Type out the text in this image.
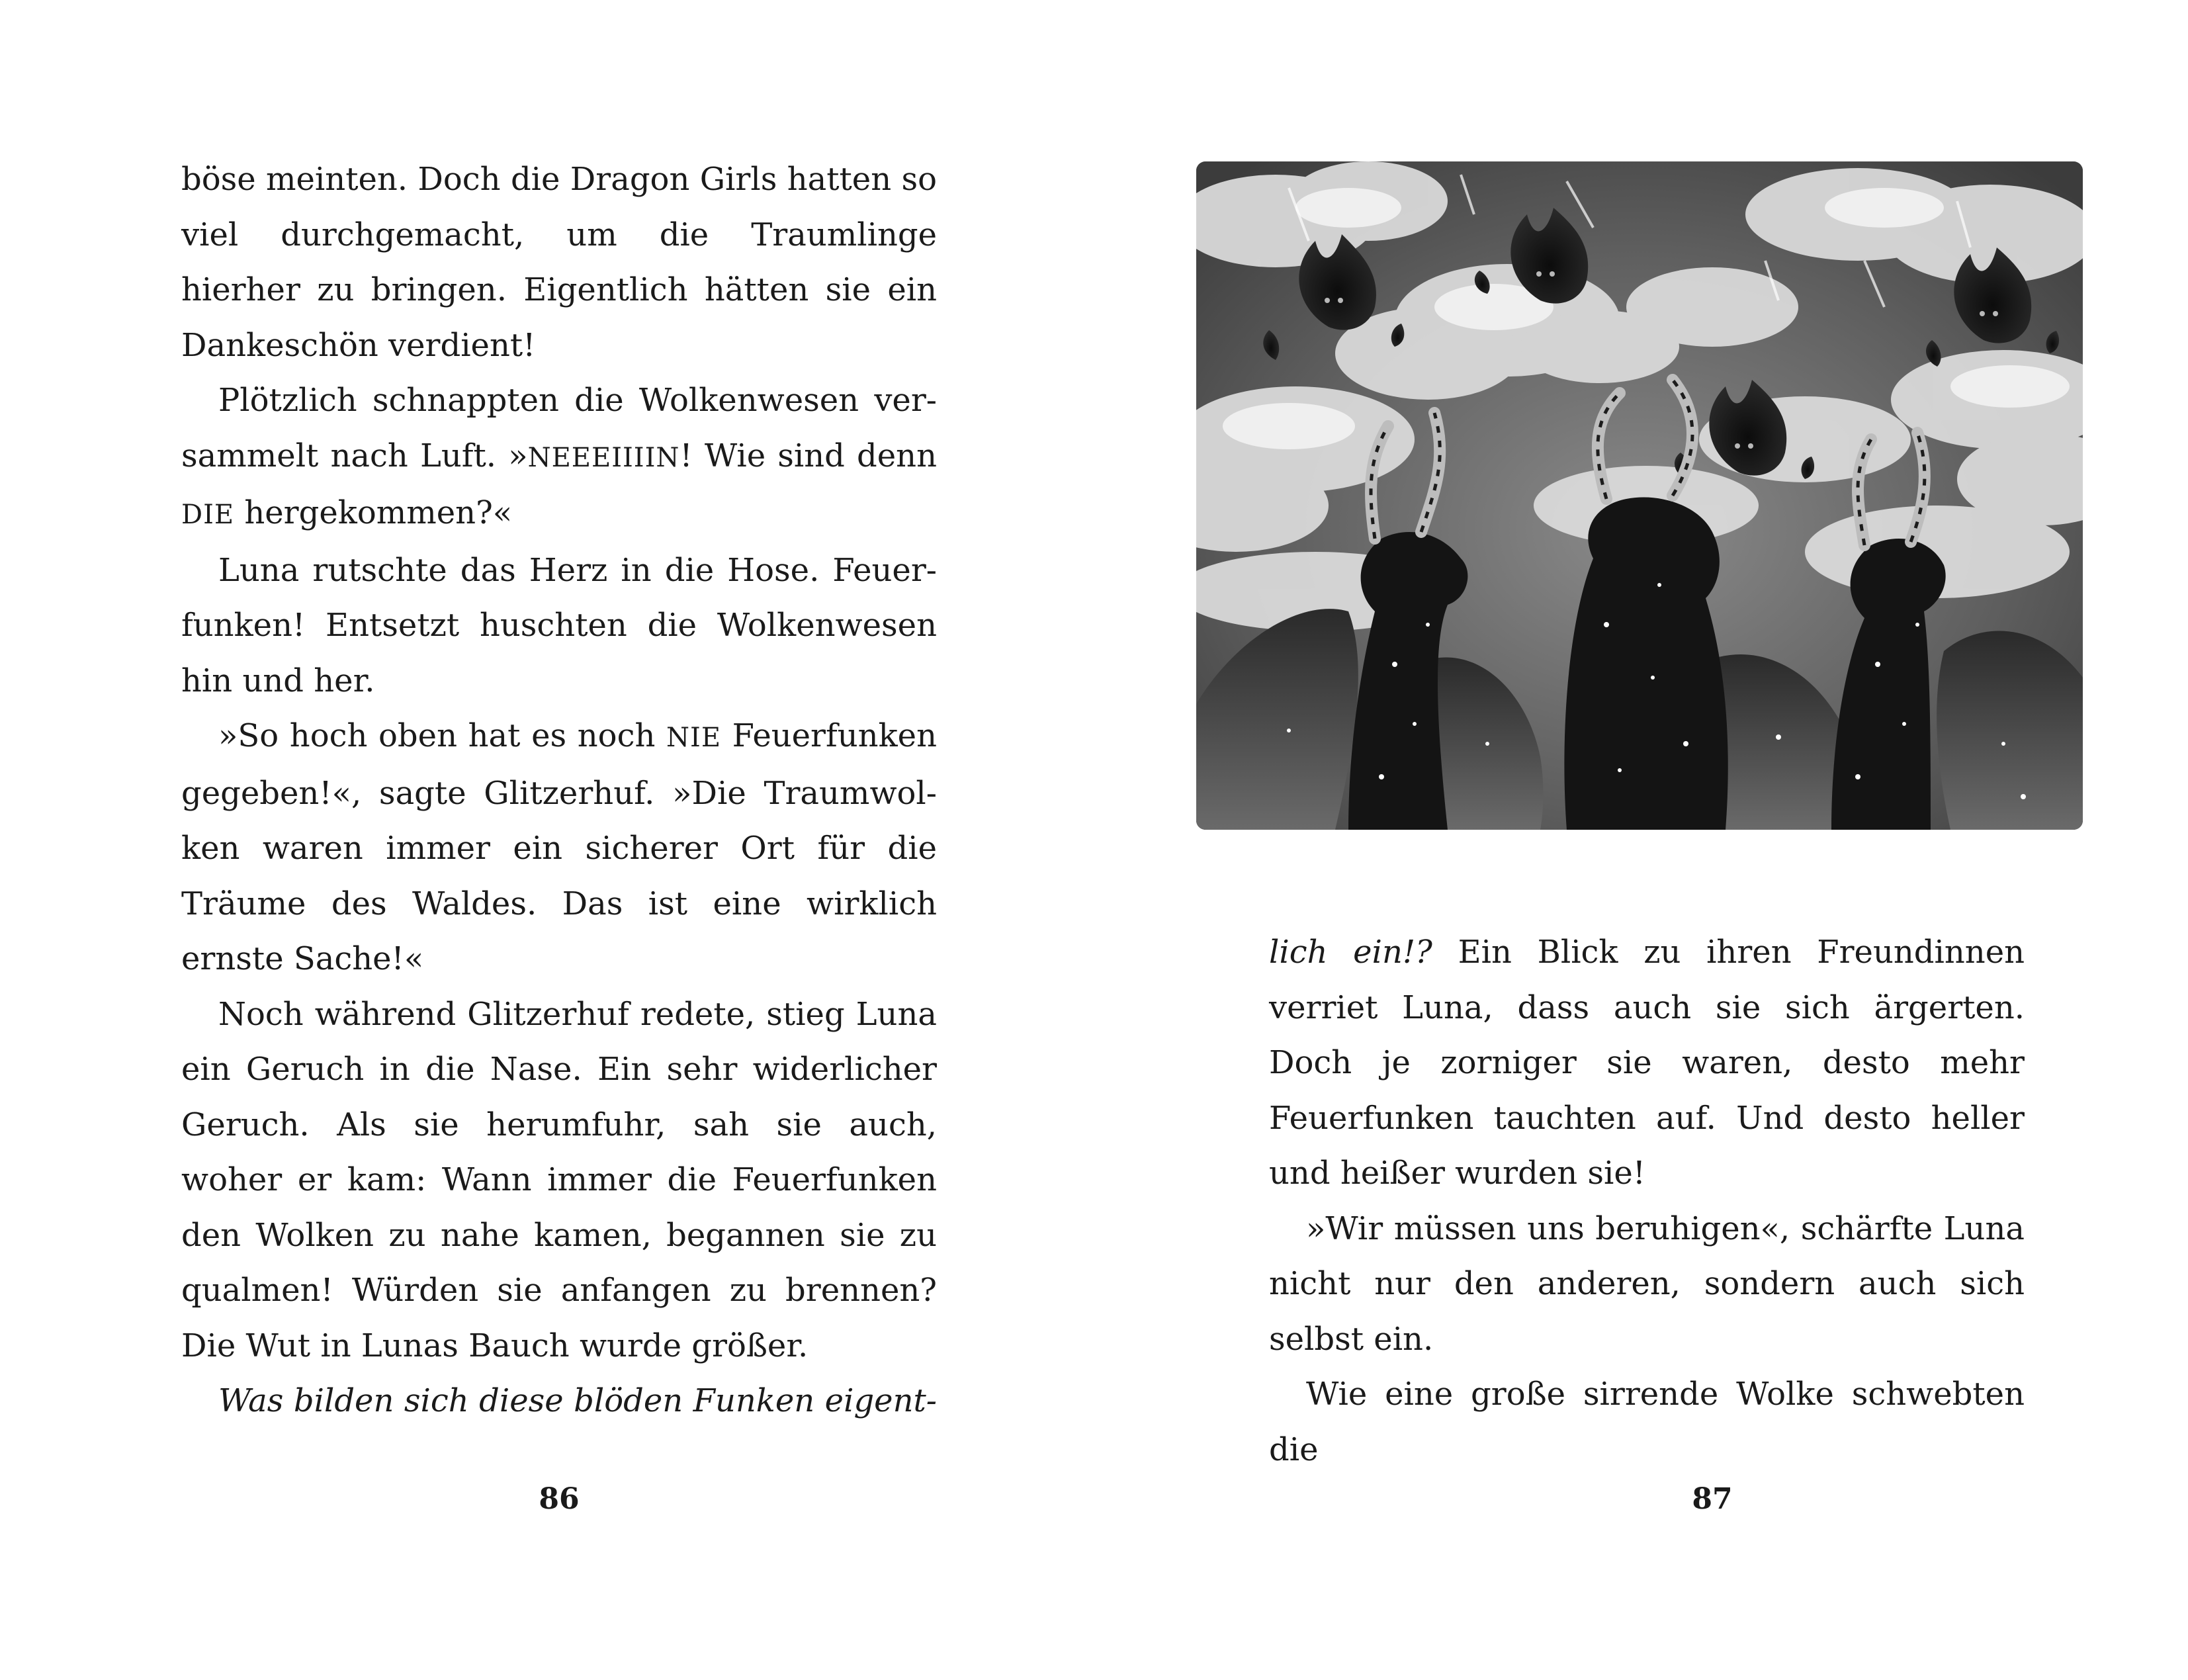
böse meinten. Doch die Dragon Girls hatten so viel durchgemacht, um die Traumlinge hierher zu bringen. Eigentlich hätten sie ein Dankeschön verdient!

Plötzlich schnappten die Wolkenwesen versammelt nach Luft. »NEEEIIIIN! Wie sind denn DIE hergekommen?«

Luna rutschte das Herz in die Hose. Feuerfunken! Entsetzt huschten die Wolkenwesen hin und her.

»So hoch oben hat es noch NIE Feuerfunken gegeben!«, sagte Glitzerhuf. »Die Traumwolken waren immer ein sicherer Ort für die Träume des Waldes. Das ist eine wirklich ernste Sache!«

Noch während Glitzerhuf redete, stieg Luna ein Geruch in die Nase. Ein sehr widerlicher Geruch. Als sie herumfuhr, sah sie auch, woher er kam: Wann immer die Feuerfunken den Wolken zu nahe kamen, begannen sie zu qualmen! Würden sie anfangen zu brennen? Die Wut in Lunas Bauch wurde größer.

Was bilden sich diese blöden Funken eigent-

86

lich ein!? Ein Blick zu ihren Freundinnen verriet Luna, dass auch sie sich ärgerten. Doch je zorniger sie waren, desto mehr Feuerfunken tauchten auf. Und desto heller und heißer wurden sie!

»Wir müssen uns beruhigen«, schärfte Luna nicht nur den anderen, sondern auch sich selbst ein.

Wie eine große sirrende Wolke schwebten die

87
